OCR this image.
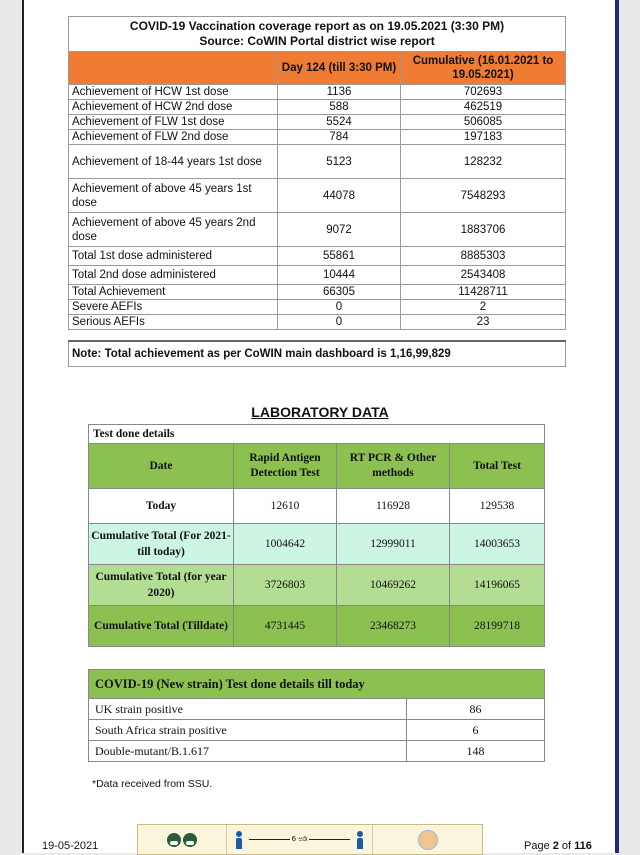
COVID-19 Vaccination coverage report as on 19.05.2021 (3:30 PM)
Source: CoWIN Portal district wise report		

	Day 124 (till 3:30 PM)	Cumulative (16.01.2021 to 19.05.2021)
Achievement of HCW 1st dose	1136	702693
Achievement of HCW 2nd dose	588	462519
Achievement of FLW 1st dose	5524	506085
Achievement of FLW 2nd dose	784	197183
Achievement of 18-44 years 1st dose	5123	128232
Achievement of above 45 years 1st dose	44078	7548293
Achievement of above 45 years 2nd dose	9072	1883706
Total 1st dose administered	55861	8885303
Total 2nd dose administered	10444	2543408
Total Achievement	66305	11428711
Severe AEFIs	0	2
Serious AEFIs	0	23

Note: Total achievement as per CoWIN main dashboard is 1,16,99,829		
LABORATORY DATA
Test done details			
Date	Rapid Antigen Detection Test	RT PCR & Other methods	Total Test
Today	12610	116928	129538
Cumulative Total (For 2021- till today)	1004642	12999011	14003653
Cumulative Total (for year 2020)	3726803	10469262	14196065
Cumulative Total (Tilldate)	4731445	23468273	28199718
COVID-19 (New strain) Test done details till today	
UK strain positive	86
South Africa strain positive	6
Double-mutant/B.1.617	148
*Data received from SSU.
19-05-2021
6 ಅಡಿ
Page 2 of 116
